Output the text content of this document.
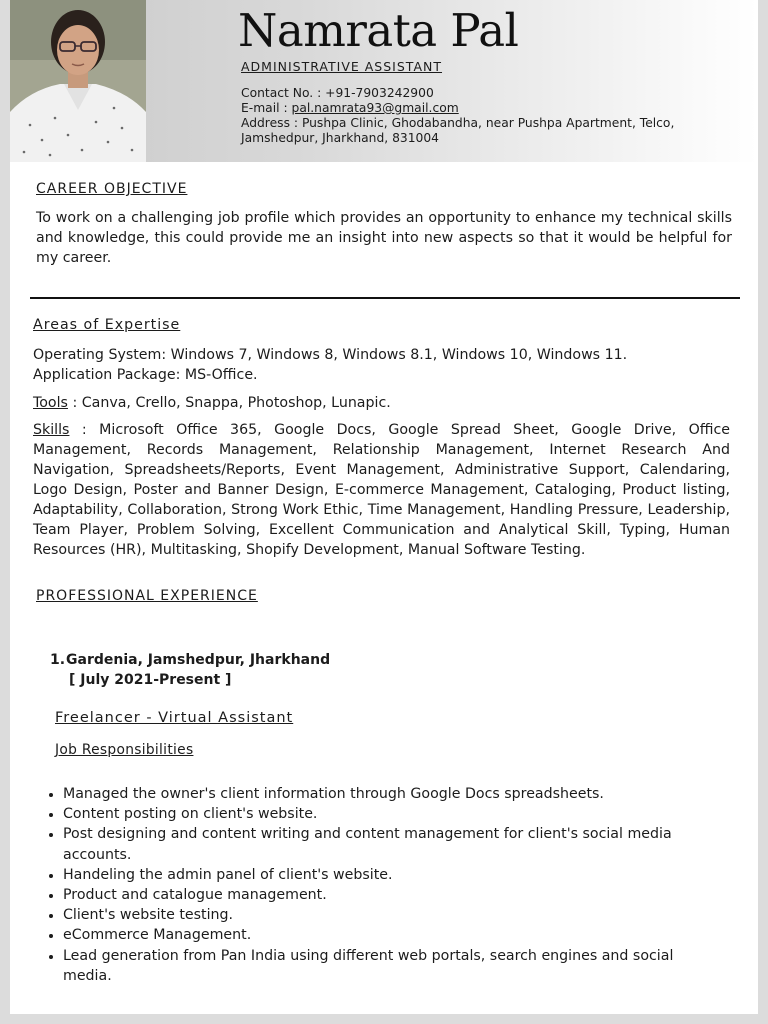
Namrata Pal
ADMINISTRATIVE ASSISTANT
Contact No. : +91-7903242900
E-mail : pal.namrata93@gmail.com
Address : Pushpa Clinic, Ghodabandha, near Pushpa Apartment, Telco, Jamshedpur, Jharkhand, 831004
CAREER OBJECTIVE
To work on a challenging job profile which provides an opportunity to enhance my technical skills and knowledge, this could provide me an insight into new aspects so that it would be helpful for my career.
Areas of Expertise
Operating System: Windows 7, Windows 8, Windows 8.1, Windows 10, Windows 11.
Application Package: MS-Office.
Tools : Canva, Crello, Snappa, Photoshop, Lunapic.
Skills : Microsoft Office 365, Google Docs, Google Spread Sheet, Google Drive, Office Management, Records Management, Relationship Management, Internet Research And Navigation, Spreadsheets/Reports, Event Management, Administrative Support, Calendaring, Logo Design, Poster and Banner Design, E-commerce Management, Cataloging, Product listing, Adaptability, Collaboration, Strong Work Ethic, Time Management, Handling Pressure, Leadership, Team Player, Problem Solving, Excellent Communication and Analytical Skill, Typing, Human Resources (HR), Multitasking, Shopify Development, Manual Software Testing.
PROFESSIONAL EXPERIENCE
1.Gardenia, Jamshedpur, Jharkhand
[ July 2021-Present ]
Freelancer - Virtual Assistant
Job Responsibilities
• Managed the owner's client information through Google Docs spreadsheets.
• Content posting on client's website.
• Post designing and content writing and content management for client's social media accounts.
• Handeling the admin panel of client's website.
• Product and catalogue management.
• Client's website testing.
• eCommerce Management.
• Lead generation from Pan India using different web portals, search engines and social media.
